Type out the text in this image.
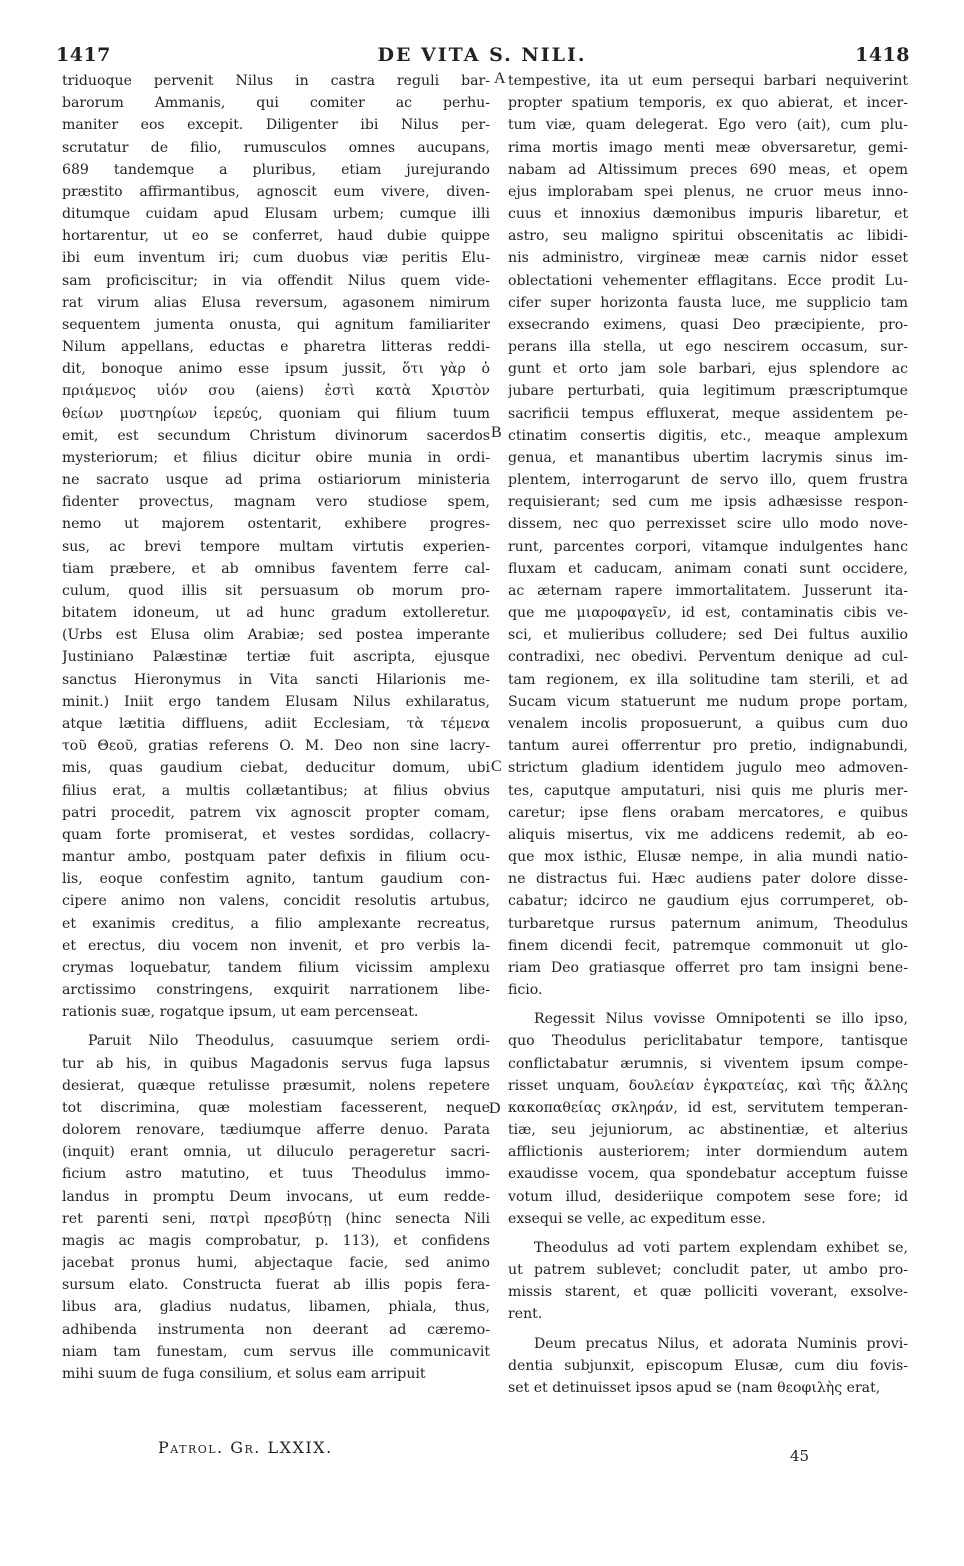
1417	DE VITA S. NILI.	1418
triduoque pervenit Nilus in castra reguli bar-
barorum Ammanis, qui comiter ac perhu-
maniter eos excepit. Diligenter ibi Nilus per-
scrutatur de filio, rumusculos omnes aucupans,
689 tandemque a pluribus, etiam jurejurando
præstito affirmantibus, agnoscit eum vivere, diven-
ditumque cuidam apud Elusam urbem; cumque illi
hortarentur, ut eo se conferret, haud dubie quippe
ibi eum inventum iri; cum duobus viæ peritis Elu-
sam proficiscitur; in via offendit Nilus quem vide-
rat virum alias Elusa reversum, agasonem nimirum
sequentem jumenta onusta, qui agnitum familiariter
Nilum appellans, eductas e pharetra litteras reddi-
dit, bonoque animo esse ipsum jussit, ὅτι γὰρ ὁ
πριάμενος υἱόν σου (aiens) ἐστὶ κατὰ Χριστὸν
θείων μυστηρίων ἱερεύς, quoniam qui filium tuum
emit, est secundum Christum divinorum sacerdos
mysteriorum; et filius dicitur obire munia in ordi-
ne sacrato usque ad prima ostiariorum ministeria
fidenter provectus, magnam vero studiose spem,
nemo ut majorem ostentarit, exhibere progres-
sus, ac brevi tempore multam virtutis experien-
tiam præbere, et ab omnibus faventem ferre cal-
culum, quod illis sit persuasum ob morum pro-
bitatem idoneum, ut ad hunc gradum extolleretur.
(Urbs est Elusa olim Arabiæ; sed postea imperante
Justiniano Palæstinæ tertiæ fuit ascripta, ejusque
sanctus Hieronymus in Vita sancti Hilarionis me-
minit.) Iniit ergo tandem Elusam Nilus exhilaratus,
atque lætitia diffluens, adiit Ecclesiam, τὰ τέμενα
τοῦ Θεοῦ, gratias referens O. M. Deo non sine lacry-
mis, quas gaudium ciebat, deducitur domum, ubi
filius erat, a multis collætantibus; at filius obvius
patri procedit, patrem vix agnoscit propter comam,
quam forte promiserat, et vestes sordidas, collacry-
mantur ambo, postquam pater defixis in filium ocu-
lis, eoque confestim agnito, tantum gaudium con-
cipere animo non valens, concidit resolutis artubus,
et exanimis creditus, a filio amplexante recreatus,
et erectus, diu vocem non invenit, et pro verbis la-
crymas loquebatur, tandem filium vicissim amplexu
arctissimo constringens, exquirit narrationem libe-
rationis suæ, rogatque ipsum, ut eam percenseat.
Paruit Nilo Theodulus, casuumque seriem ordi-
tur ab his, in quibus Magadonis servus fuga lapsus
desierat, quæque retulisse præsumit, nolens repetere
tot discrimina, quæ molestiam facesserent, neque
dolorem renovare, tædiumque afferre denuo. Parata
(inquit) erant omnia, ut diluculo perageretur sacri-
ficium astro matutino, et tuus Theodulus immo-
landus in promptu Deum invocans, ut eum redde-
ret parenti seni, πατρὶ πρεσβύτῃ (hinc senecta Nili
magis ac magis comprobatur, p. 113), et confidens
jacebat pronus humi, abjectaque facie, sed animo
sursum elato. Constructa fuerat ab illis popis fera-
libus ara, gladius nudatus, libamen, phiala, thus,
adhibenda instrumenta non deerant ad cæremo-
niam tam funestam, cum servus ille communicavit
mihi suum de fuga consilium, et solus eam arripuit
tempestive, ita ut eum persequi barbari nequiverint
propter spatium temporis, ex quo abierat, et incer-
tum viæ, quam delegerat. Ego vero (ait), cum plu-
rima mortis imago menti meæ obversaretur, gemi-
nabam ad Altissimum preces 690 meas, et opem
ejus implorabam spei plenus, ne cruor meus inno-
cuus et innoxius dæmonibus impuris libaretur, et
astro, seu maligno spiritui obscenitatis ac libidi-
nis administro, virgineæ meæ carnis nidor esset
oblectationi vehementer efflagitans. Ecce prodit Lu-
cifer super horizonta fausta luce, me supplicio tam
exsecrando eximens, quasi Deo præcipiente, pro-
perans illa stella, ut ego nescirem occasum, sur-
gunt et orto jam sole barbari, ejus splendore ac
jubare perturbati, quia legitimum præscriptumque
sacrificii tempus effluxerat, meque assidentem pe-
ctinatim consertis digitis, etc., meaque amplexum
genua, et manantibus ubertim lacrymis sinus im-
plentem, interrogarunt de servo illo, quem frustra
requisierant; sed cum me ipsis adhæsisse respon-
dissem, nec quo perrexisset scire ullo modo nove-
runt, parcentes corpori, vitamque indulgentes hanc
fluxam et caducam, animam conati sunt occidere,
ac æternam rapere immortalitatem. Jusserunt ita-
que me μιαροφαγεῖν, id est, contaminatis cibis ve-
sci, et mulieribus colludere; sed Dei fultus auxilio
contradixi, nec obedivi. Perventum denique ad cul-
tam regionem, ex illa solitudine tam sterili, et ad
Sucam vicum statuerunt me nudum prope portam,
venalem incolis proposuerunt, a quibus cum duo
tantum aurei offerrentur pro pretio, indignabundi,
strictum gladium identidem jugulo meo admoven-
tes, caputque amputaturi, nisi quis me pluris mer-
caretur; ipse flens orabam mercatores, e quibus
aliquis misertus, vix me addicens redemit, ab eo-
que mox isthic, Elusæ nempe, in alia mundi natio-
ne distractus fui. Hæc audiens pater dolore disse-
cabatur; idcirco ne gaudium ejus corrumperet, ob-
turbaretque rursus paternum animum, Theodulus
finem dicendi fecit, patremque commonuit ut glo-
riam Deo gratiasque offerret pro tam insigni bene-
ficio.
Regessit Nilus vovisse Omnipotenti se illo ipso,
quo Theodulus periclitabatur tempore, tantisque
conflictabatur ærumnis, si viventem ipsum compe-
risset unquam, δουλείαν ἐγκρατείας, καὶ τῆς ἄλλης
κακοπαθείας σκληράν, id est, servitutem temperan-
tiæ, seu jejuniorum, ac abstinentiæ, et alterius
afflictionis austeriorem; inter dormiendum autem
exaudisse vocem, qua spondebatur acceptum fuisse
votum illud, desideriique compotem sese fore; id
exsequi se velle, ac expeditum esse.
Theodulus ad voti partem explendam exhibet se,
ut patrem sublevet; concludit pater, ut ambo pro-
missis starent, et quæ polliciti voverant, exsolve-
rent.
Deum precatus Nilus, et adorata Numinis provi-
dentia subjunxit, episcopum Elusæ, cum diu fovis-
set et detinuisset ipsos apud se (nam θεοφιλὴς erat,
A
B
C
D
Patrol. Gr. LXXIX.	45
